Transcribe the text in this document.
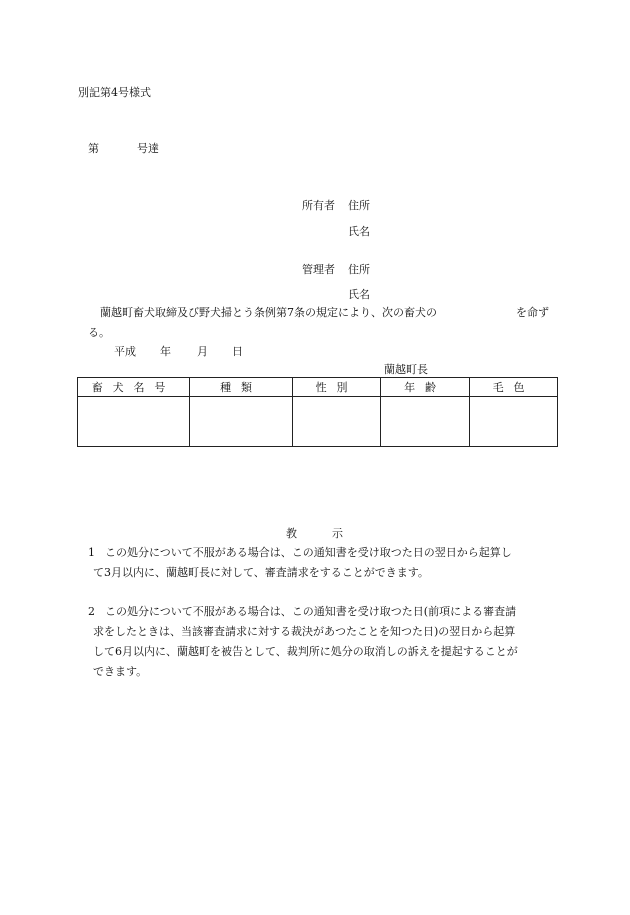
別記第4号様式
第	号達
所有者 住所
氏名
管理者 住所
氏名
蘭越町畜犬取締及び野犬掃とう条例第7条の規定により、次の畜犬の	を命ず
る。
平成 年 月 日
蘭越町長
畜犬名号	種類	性別	年齢	毛色

教	示
1 この処分について不服がある場合は、この通知書を受け取つた日の翌日から起算し
て3月以内に、蘭越町長に対して、審査請求をすることができます。
2 この処分について不服がある場合は、この通知書を受け取つた日(前項による審査請
求をしたときは、当該審査請求に対する裁決があつたことを知つた日)の翌日から起算
して6月以内に、蘭越町を被告として、裁判所に処分の取消しの訴えを提起することが
できます。
